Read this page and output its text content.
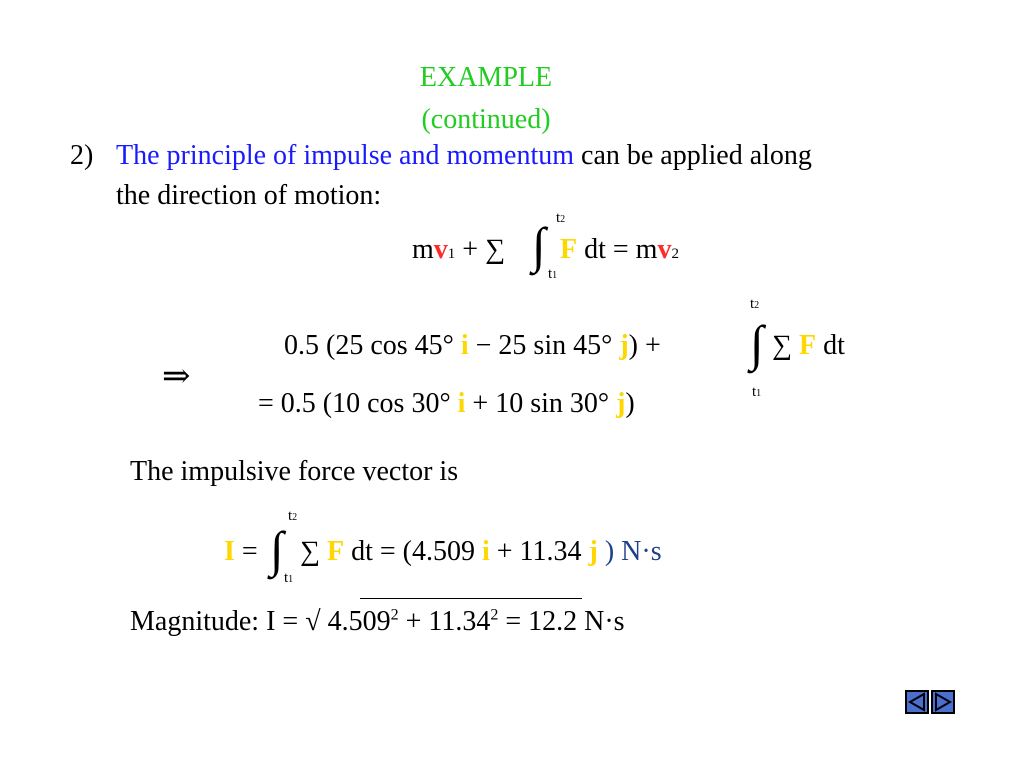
EXAMPLE
(continued)
2) The principle of impulse and momentum can be applied along
the direction of motion:
mv1 + ∑ ∫ t2
t1
F dt = mv2
⇒
0.5 (25 cos 45° i − 25 sin 45° j) + ∫
t2
t1
∑ F dt
= 0.5 (10 cos 30° i + 10 sin 30° j)
The impulsive force vector is
I = ∫
t2
t1
∑ F dt = (4.509 i + 11.34 j ) N·s
Magnitude: I = √ $4.509^2 + 11.34^2 = 12.2$ N·s
